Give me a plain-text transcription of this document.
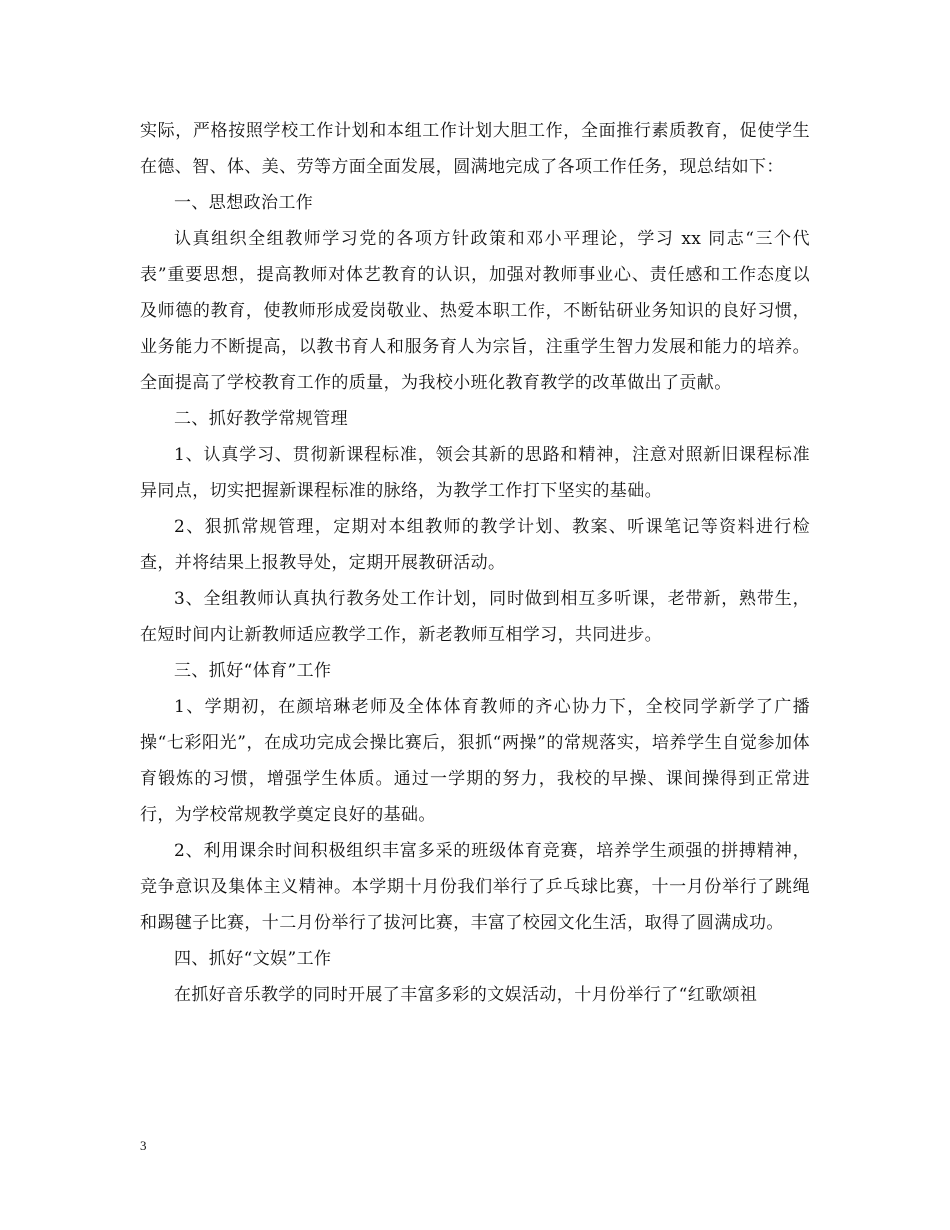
实际，严格按照学校工作计划和本组工作计划大胆工作，全面推行素质教育，促使学生在德、智、体、美、劳等方面全面发展，圆满地完成了各项工作任务，现总结如下：

一、思想政治工作

认真组织全组教师学习党的各项方针政策和邓小平理论，学习 xx 同志“三个代表”重要思想，提高教师对体艺教育的认识，加强对教师事业心、责任感和工作态度以及师德的教育，使教师形成爱岗敬业、热爱本职工作，不断钻研业务知识的良好习惯，业务能力不断提高，以教书育人和服务育人为宗旨，注重学生智力发展和能力的培养。全面提高了学校教育工作的质量，为我校小班化教育教学的改革做出了贡献。

二、抓好教学常规管理

1、认真学习、贯彻新课程标准，领会其新的思路和精神，注意对照新旧课程标准异同点，切实把握新课程标准的脉络，为教学工作打下坚实的基础。

2、狠抓常规管理，定期对本组教师的教学计划、教案、听课笔记等资料进行检查，并将结果上报教导处，定期开展教研活动。

3、全组教师认真执行教务处工作计划，同时做到相互多听课，老带新，熟带生，在短时间内让新教师适应教学工作，新老教师互相学习，共同进步。

三、抓好“体育”工作

1、学期初，在颜培琳老师及全体体育教师的齐心协力下，全校同学新学了广播操“七彩阳光”，在成功完成会操比赛后，狠抓“两操”的常规落实，培养学生自觉参加体育锻炼的习惯，增强学生体质。通过一学期的努力，我校的早操、课间操得到正常进行，为学校常规教学奠定良好的基础。

2、利用课余时间积极组织丰富多采的班级体育竞赛，培养学生顽强的拼搏精神，竞争意识及集体主义精神。本学期十月份我们举行了乒乓球比赛，十一月份举行了跳绳和踢毽子比赛，十二月份举行了拔河比赛，丰富了校园文化生活，取得了圆满成功。

四、抓好“文娱”工作

在抓好音乐教学的同时开展了丰富多彩的文娱活动，十月份举行了“红歌颂祖

3
